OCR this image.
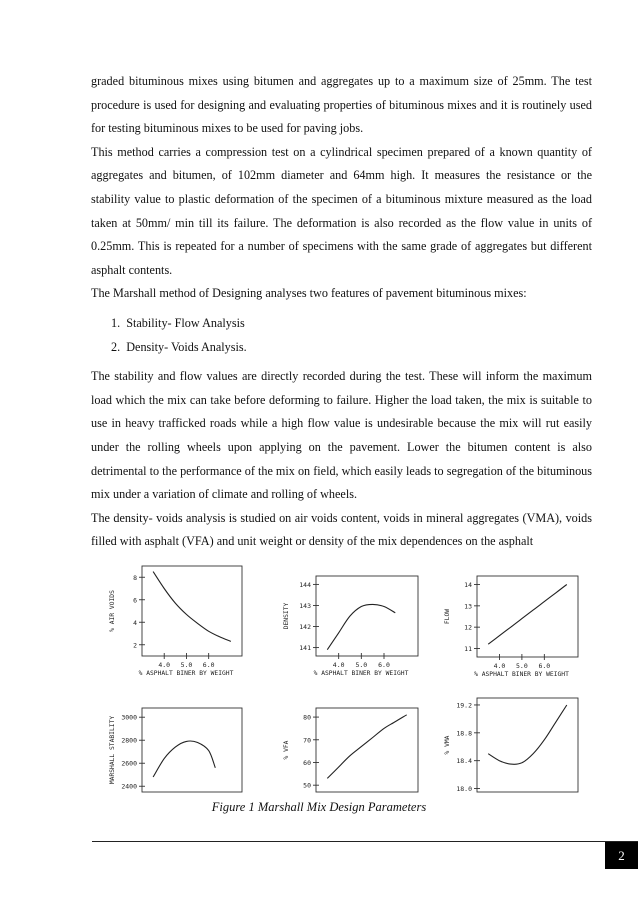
graded bituminous mixes using bitumen and aggregates up to a maximum size of 25mm. The test procedure is used for designing and evaluating properties of bituminous mixes and it is routinely used for testing bituminous mixes to be used for paving jobs.

This method carries a compression test on a cylindrical specimen prepared of a known quantity of aggregates and bitumen, of 102mm diameter and 64mm high. It measures the resistance or the stability value to plastic deformation of the specimen of a bituminous mixture measured as the load taken at 50mm/ min till its failure. The deformation is also recorded as the flow value in units of 0.25mm. This is repeated for a number of specimens with the same grade of aggregates but different asphalt contents.

The Marshall method of Designing analyses two features of pavement bituminous mixes:

1. Stability- Flow Analysis
2. Density- Voids Analysis.

The stability and flow values are directly recorded during the test. These will inform the maximum load which the mix can take before deforming to failure. Higher the load taken, the mix is suitable to use in heavy trafficked roads while a high flow value is undesirable because the mix will rut easily under the rolling wheels upon applying on the pavement. Lower the bitumen content is also detrimental to the performance of the mix on field, which easily leads to segregation of the bituminous mix under a variation of climate and rolling of wheels.

The density- voids analysis is studied on air voids content, voids in mineral aggregates (VMA), voids filled with asphalt (VFA) and unit weight or density of the mix dependences on the asphalt

2
4
6
8
4.0 5.0 6.0
% ASPHALT BINER BY WEIGHT
% AIR VOIDS
141
142
143
144
4.0 5.0 6.0
% ASPHALT BINER BY WEIGHT
DENSITY
11
12
13
14
4.0 5.0 6.0
% ASPHALT BINER BY WEIGHT
FLOW
2400
2600
2800
3000
MARSHALL STABILITY
50
60
70
80
% VFA
18.0
18.4
18.8
19.2
% VMA
Figure 1 Marshall Mix Design Parameters
2
